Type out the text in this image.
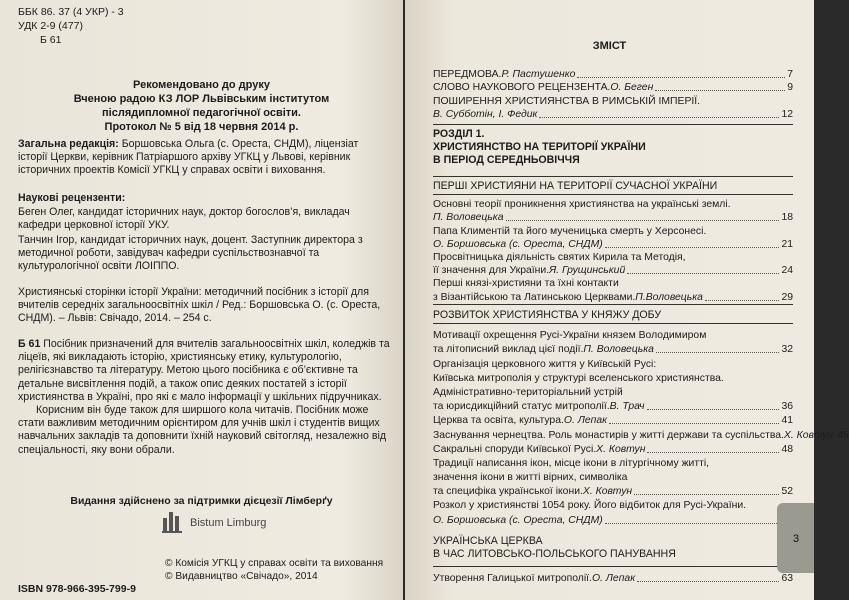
ББК 86. 37 (4 УКР) - 3
УДК 2-9 (477)
Б 61
Рекомендовано до друку
Вченою радою КЗ ЛОР Львівським інститутом
післядипломної педагогічної освіти.
Протокол № 5 від 18 червня 2014 р.
Загальна редакція: Боршовська Ольга (с. Ореста, СНДМ), ліцензіат історії Церкви, керівник Патріаршого архіву УГКЦ у Львові, керівник історичних проектів Комісії УГКЦ у справах освіти і виховання.
Наукові рецензенти:
Беген Олег, кандидат історичних наук, доктор богослов’я, викладач кафедри церковної історії УКУ.
Танчин Ігор, кандидат історичних наук, доцент. Заступник директора з методичної роботи, завідувач кафедри суспільствознавчої та культурологічної освіти ЛОІППО.
Християнські сторінки історії України: методичний посібник з історії для вчителів середніх загальноосвітніх шкіл / Ред.: Боршовська О. (с. Ореста, СНДМ). – Львів: Свічадо, 2014. – 254 с.
Б 61 Посібник призначений для вчителів загальноосвітніх шкіл, коледжів та ліцеїв, які викладають історію, християнську етику, культурологію, релігієзнавство та літературу. Метою цього посібника є об’єктивне та детальне висвітлення подій, а також опис деяких постатей з історії християнства в Україні, про які є мало інформації у шкільних підручниках.
Корисним він буде також для ширшого кола читачів. Посібник може стати важливим методичним орієнтиром для учнів шкіл і студентів вищих навчальних закладів та доповнити їхній науковий світогляд, незалежно від спеціальності, яку вони обрали.
Видання здійснено за підтримки дієцезії Лімберґу
Bistum Limburg
© Комісія УГКЦ у справах освіти та виховання
© Видавництво «Свічадо», 2014
ISBN 978-966-395-799-9
ЗМІСТ
ПЕРЕДМОВА. Р. Пастушенко	7
СЛОВО НАУКОВОГО РЕЦЕНЗЕНТА. О. Беген	9
ПОШИРЕННЯ ХРИСТИЯНСТВА В РИМСЬКІЙ ІМПЕРІЇ.
В. Субботін, І. Федик	12
РОЗДІЛ 1.
ХРИСТИЯНСТВО НА ТЕРИТОРІЇ УКРАЇНИ
В ПЕРІОД СЕРЕДНЬОВІЧЧЯ
ПЕРШІ ХРИСТИЯНИ НА ТЕРИТОРІЇ СУЧАСНОЇ УКРАЇНИ
Основні теорії проникнення християнства на українські землі.
П. Воловецька	18
Папа Климентій та його мученицька смерть у Херсонесі.
О. Боршовська (с. Ореста, СНДМ)	21
Просвітницька діяльність святих Кирила та Методія,
її значення для України. Я. Грущинський	24
Перші князі-християни та їхні контакти
з Візантійською та Латинською Церквами. П.Воловецька	29
РОЗВИТОК ХРИСТИЯНСТВА У КНЯЖУ ДОБУ
Мотивації охрещення Русі-України князем Володимиром
та літописний виклад цієї події. П. Воловецька	32
Організація церковного життя у Київській Русі:
Київська митрополія у структурі вселенського християнства.
Адміністративно-територіальний устрій
та юрисдикційний статус митрополії. В. Трач	36
Церква та освіта, культура. О. Лепак	41
Заснування чернецтва. Роль монастирів у житті держави та суспільства. Х. Ковтун 45
Сакральні споруди Київської Русі. Х. Ковтун	48
Традиції написання ікон, місце ікони в літургічному житті,
значення ікони в житті вірних, символіка
та специфіка української ікони. Х. Ковтун	52
Розкол у християнстві 1054 року. Його відбиток для Русі-України.
О. Боршовська (с. Ореста, СНДМ)
УКРАЇНСЬКА ЦЕРКВА
В ЧАС ЛИТОВСЬКО-ПОЛЬСЬКОГО ПАНУВАННЯ
Утворення Галицької митрополії. О. Лепак	63
3
